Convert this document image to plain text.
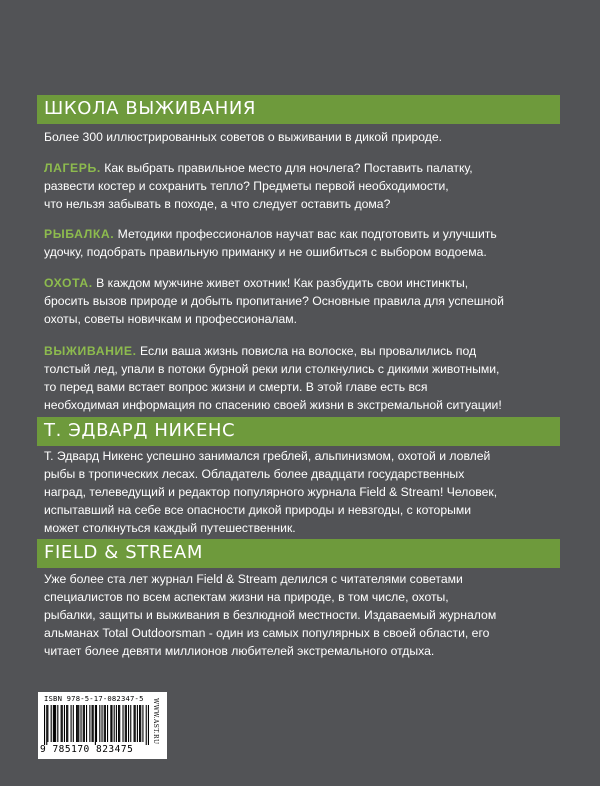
ШКОЛА ВЫЖИВАНИЯ

Более 300 иллюстрированных советов о выживании в дикой природе.

ЛАГЕРЬ. Как выбрать правильное место для ночлега? Поставить палатку,
развести костер и сохранить тепло? Предметы первой необходимости,
что нельзя забывать в походе, а что следует оставить дома?

РЫБАЛКА. Методики профессионалов научат вас как подготовить и улучшить
удочку, подобрать правильную приманку и не ошибиться с выбором водоема.

ОХОТА. В каждом мужчине живет охотник! Как разбудить свои инстинкты,
бросить вызов природе и добыть пропитание? Основные правила для успешной
охоты, советы новичкам и профессионалам.

ВЫЖИВАНИЕ. Если ваша жизнь повисла на волоске, вы провалились под
толстый лед, упали в потоки бурной реки или столкнулись с дикими животными,
то перед вами встает вопрос жизни и смерти. В этой главе есть вся
необходимая информация по спасению своей жизни в экстремальной ситуации!

Т. ЭДВАРД НИКЕНС

Т. Эдвард Никенс успешно занимался греблей, альпинизмом, охотой и ловлей
рыбы в тропических лесах. Обладатель более двадцати государственных
наград, телеведущий и редактор популярного журнала Field & Stream! Человек,
испытавший на себе все опасности дикой природы и невзгоды, с которыми
может столкнуться каждый путешественник.

FIELD & STREAM

Уже более ста лет журнал Field & Stream делился с читателями советами
специалистов по всем аспектам жизни на природе, в том числе, охоты,
рыбалки, защиты и выживания в безлюдной местности. Издаваемый журналом
альманах Total Outdoorsman - один из самых популярных в своей области, его
читает более девяти миллионов любителей экстремального отдыха.

ISBN 978-5-17-082347-5
9 785170 823475
WWW.AST.RU
